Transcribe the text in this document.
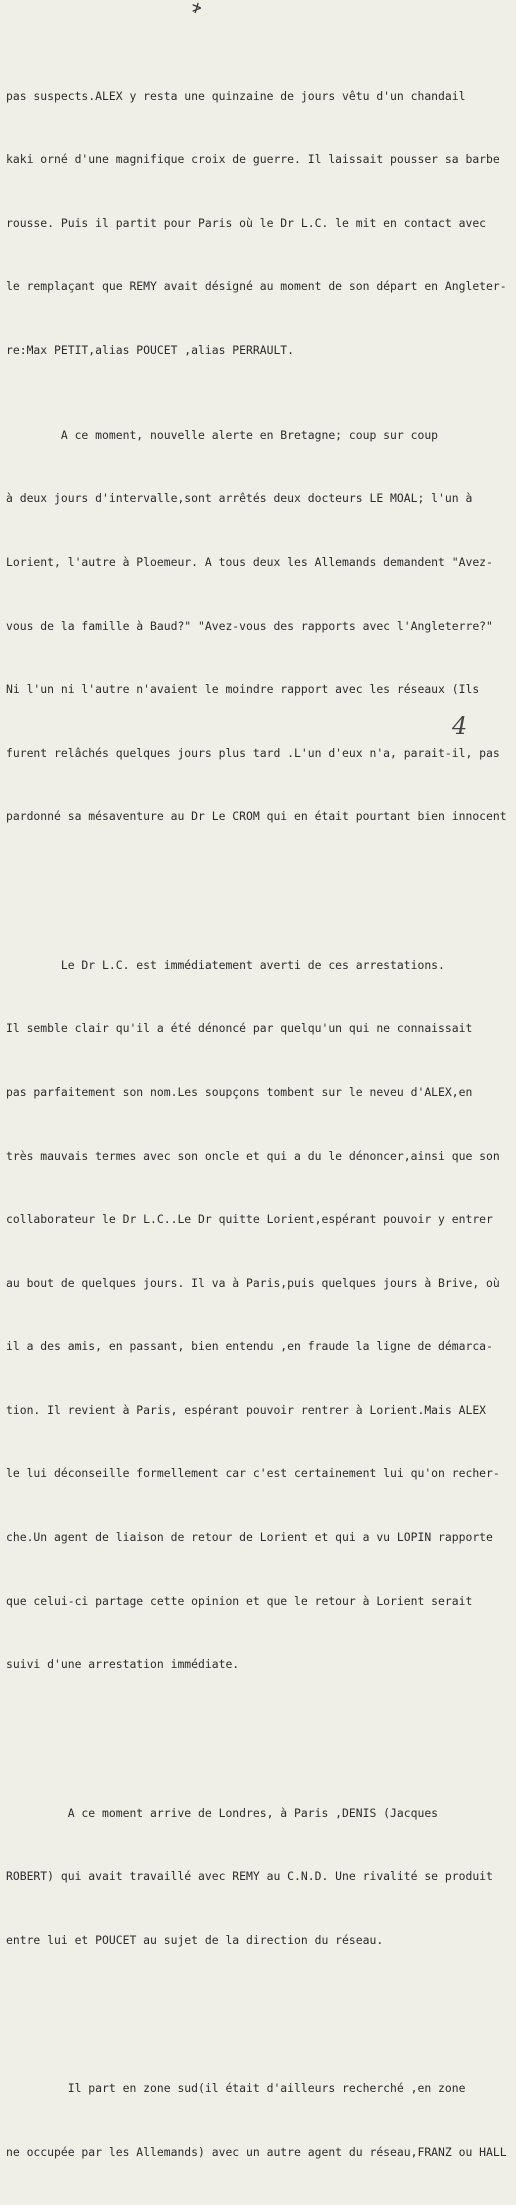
≯

pas suspects.ALEX y resta une quinzaine de jours vêtu d'un chandail

kaki orné d'une magnifique croix de guerre. Il laissait pousser sa barbe

rousse. Puis il partit pour Paris où le Dr L.C. le mit en contact avec

le remplaçant que REMY avait désigné au moment de son départ en Angleter-

re:Max PETIT,alias POUCET ,alias PERRAULT.

A ce moment, nouvelle alerte en Bretagne; coup sur coup

à deux jours d'intervalle,sont arrêtés deux docteurs LE MOAL; l'un à

Lorient, l'autre à Ploemeur. A tous deux les Allemands demandent "Avez-

vous de la famille à Baud?" "Avez-vous des rapports avec l'Angleterre?"

Ni l'un ni l'autre n'avaient le moindre rapport avec les réseaux (Ils

furent relâchés quelques jours plus tard .L'un d'eux n'a, parait-il, pas

pardonné sa mésaventure au Dr Le CROM qui en était pourtant bien innocent

Le Dr L.C. est immédiatement averti de ces arrestations.

Il semble clair qu'il a été dénoncé par quelqu'un qui ne connaissait

pas parfaitement son nom.Les soupçons tombent sur le neveu d'ALEX,en

très mauvais termes avec son oncle et qui a du le dénoncer,ainsi que son

collaborateur le Dr L.C..Le Dr quitte Lorient,espérant pouvoir y entrer

au bout de quelques jours. Il va à Paris,puis quelques jours à Brive, où

il a des amis, en passant, bien entendu ,en fraude la ligne de démarca-

tion. Il revient à Paris, espérant pouvoir rentrer à Lorient.Mais ALEX

le lui déconseille formellement car c'est certainement lui qu'on recher-

che.Un agent de liaison de retour de Lorient et qui a vu LOPIN rapporte

que celui-ci partage cette opinion et que le retour à Lorient serait

suivi d'une arrestation immédiate.

A ce moment arrive de Londres, à Paris ,DENIS (Jacques

ROBERT) qui avait travaillé avec REMY au C.N.D. Une rivalité se produit

entre lui et POUCET au sujet de la direction du réseau.

Il part en zone sud(il était d'ailleurs recherché ,en zone

ne occupée par les Allemands) avec un autre agent du réseau,FRANZ ou HALL

4
